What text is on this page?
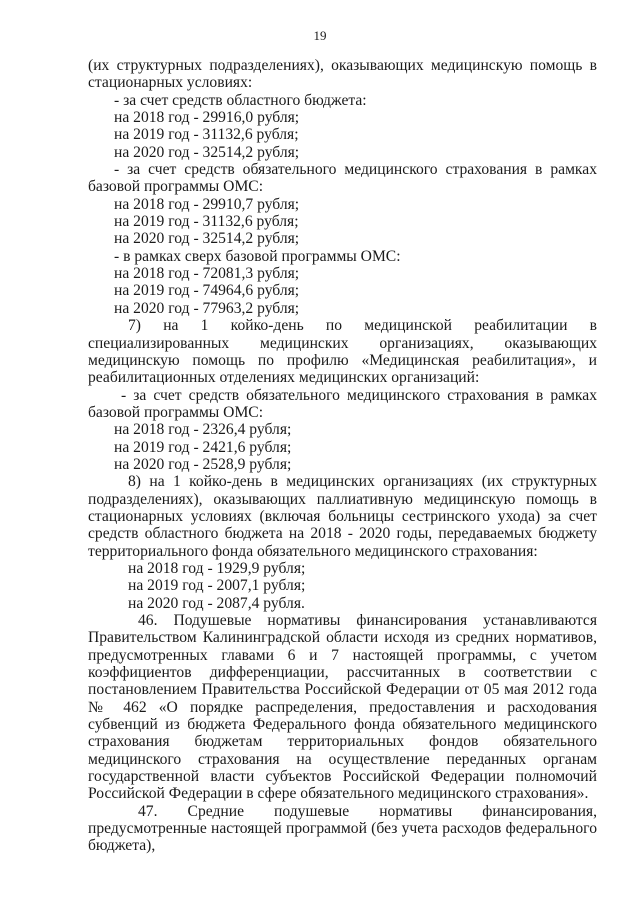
19

(их структурных подразделениях), оказывающих медицинскую помощь в стационарных условиях:

- за счет средств областного бюджета:

на 2018 год - 29916,0 рубля;

на 2019 год - 31132,6 рубля;

на 2020 год - 32514,2 рубля;

- за счет средств обязательного медицинского страхования в рамках базовой программы ОМС:

на 2018 год - 29910,7 рубля;

на 2019 год - 31132,6 рубля;

на 2020 год - 32514,2 рубля;

- в рамках сверх базовой программы ОМС:

на 2018 год - 72081,3 рубля;

на 2019 год - 74964,6 рубля;

на 2020 год - 77963,2 рубля;

7) на 1 койко-день по медицинской реабилитации в специализированных медицинских организациях, оказывающих медицинскую помощь по профилю «Медицинская реабилитация», и реабилитационных отделениях медицинских организаций:

- за счет средств обязательного медицинского страхования в рамках базовой программы ОМС:

на 2018 год - 2326,4 рубля;

на 2019 год - 2421,6 рубля;

на 2020 год - 2528,9 рубля;

8) на 1 койко-день в медицинских организациях (их структурных подразделениях), оказывающих паллиативную медицинскую помощь в стационарных условиях (включая больницы сестринского ухода) за счет средств областного бюджета на 2018 - 2020 годы, передаваемых бюджету территориального фонда обязательного медицинского страхования:

на 2018 год - 1929,9 рубля;

на 2019 год - 2007,1 рубля;

на 2020 год - 2087,4 рубля.

46. Подушевые нормативы финансирования устанавливаются Правительством Калининградской области исходя из средних нормативов, предусмотренных главами 6 и 7 настоящей программы, с учетом коэффициентов дифференциации, рассчитанных в соответствии с постановлением Правительства Российской Федерации от 05 мая 2012 года № 462 «О порядке распределения, предоставления и расходования субвенций из бюджета Федерального фонда обязательного медицинского страхования бюджетам территориальных фондов обязательного медицинского страхования на осуществление переданных органам государственной власти субъектов Российской Федерации полномочий Российской Федерации в сфере обязательного медицинского страхования».

47. Средние подушевые нормативы финансирования, предусмотренные настоящей программой (без учета расходов федерального бюджета),
